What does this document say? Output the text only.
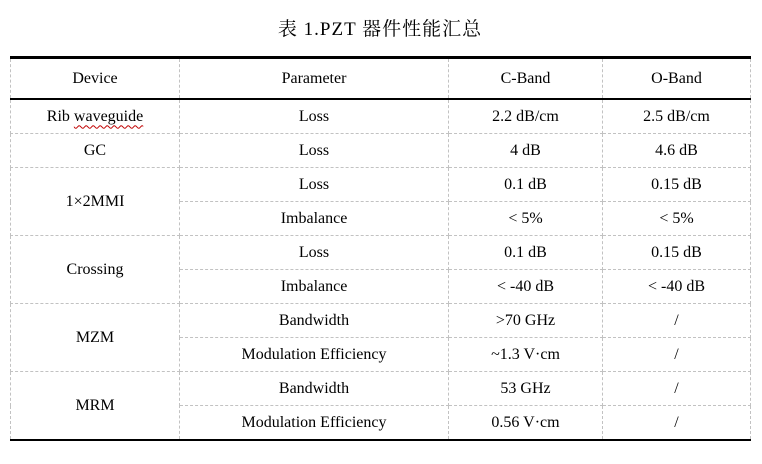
表 1.PZT 器件性能汇总
Device	Parameter	C-Band	O-Band
Rib waveguide	Loss	2.2 dB/cm	2.5 dB/cm
GC	Loss	4 dB	4.6 dB
1×2MMI	Loss	0.1 dB	0.15 dB
	Imbalance	< 5%	< 5%
Crossing	Loss	0.1 dB	0.15 dB
	Imbalance	< -40 dB	< -40 dB
MZM	Bandwidth	>70 GHz	/
	Modulation Efficiency	~1.3 V·cm	/
MRM	Bandwidth	53 GHz	/
	Modulation Efficiency	0.56 V·cm	/
